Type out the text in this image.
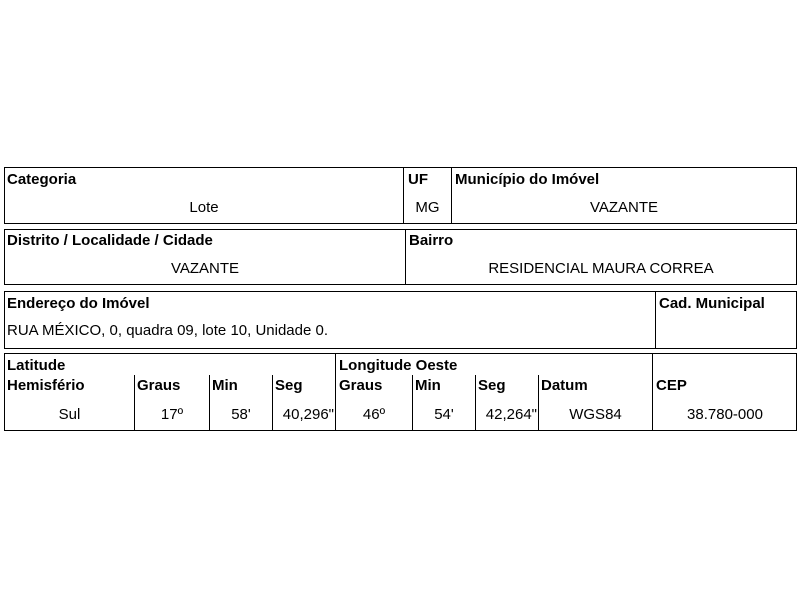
Categoria
Lote
UF
MG
Município do Imóvel
VAZANTE
Distrito / Localidade / Cidade
VAZANTE
Bairro
RESIDENCIAL MAURA CORREA
Endereço do Imóvel
RUA MÉXICO, 0, quadra 09, lote 10, Unidade 0.
Cad. Municipal
Latitude	Longitude Oeste
Hemisfério	Graus Min Seg Graus Min Seg Datum	CEP
Sul	17º	58'	40,296"	46º	54'	42,264"	WGS84	38.780-000
